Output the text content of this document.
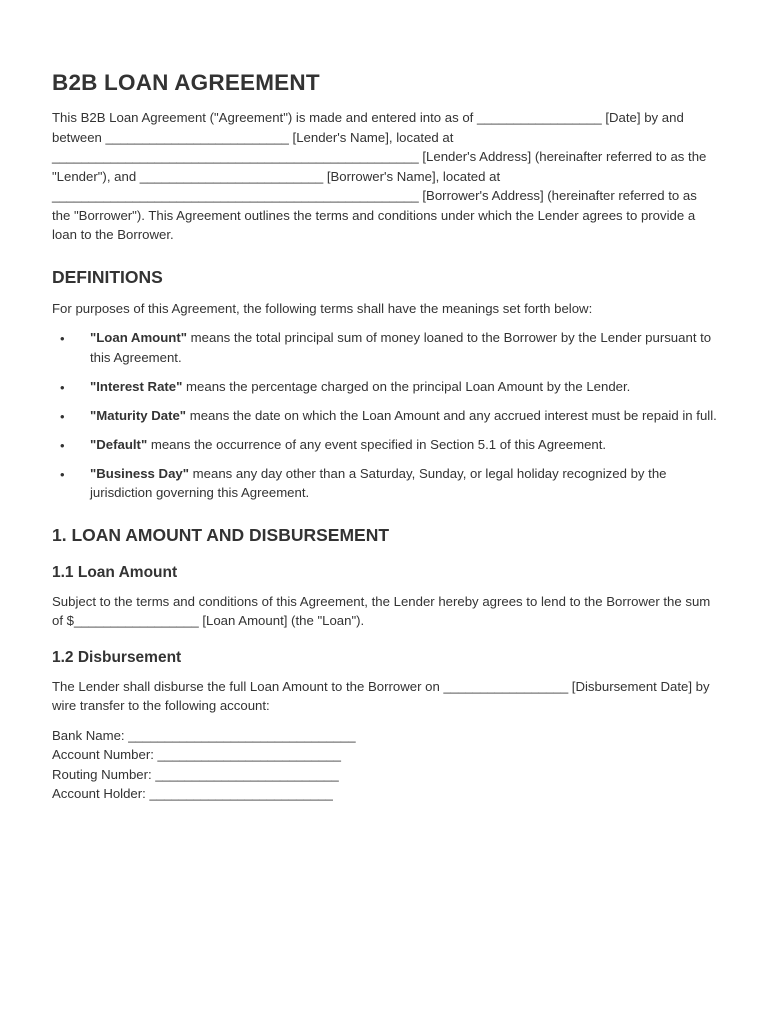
B2B LOAN AGREEMENT

This B2B Loan Agreement ("Agreement") is made and entered into as of _________________ [Date] by and between _________________________ [Lender's Name], located at __________________________________________________ [Lender's Address] (hereinafter referred to as the "Lender"), and _________________________ [Borrower's Name], located at __________________________________________________ [Borrower's Address] (hereinafter referred to as the "Borrower"). This Agreement outlines the terms and conditions under which the Lender agrees to provide a loan to the Borrower.

DEFINITIONS

For purposes of this Agreement, the following terms shall have the meanings set forth below:

• "Loan Amount" means the total principal sum of money loaned to the Borrower by the Lender pursuant to this Agreement.
• "Interest Rate" means the percentage charged on the principal Loan Amount by the Lender.
• "Maturity Date" means the date on which the Loan Amount and any accrued interest must be repaid in full.
• "Default" means the occurrence of any event specified in Section 5.1 of this Agreement.
• "Business Day" means any day other than a Saturday, Sunday, or legal holiday recognized by the jurisdiction governing this Agreement.
1. LOAN AMOUNT AND DISBURSEMENT
1.1 Loan Amount

Subject to the terms and conditions of this Agreement, the Lender hereby agrees to lend to the Borrower the sum of $_________________ [Loan Amount] (the "Loan").

1.2 Disbursement

The Lender shall disburse the full Loan Amount to the Borrower on _________________ [Disbursement Date] by wire transfer to the following account:

Bank Name: _______________________________

Account Number: _________________________

Routing Number: _________________________

Account Holder: _________________________
